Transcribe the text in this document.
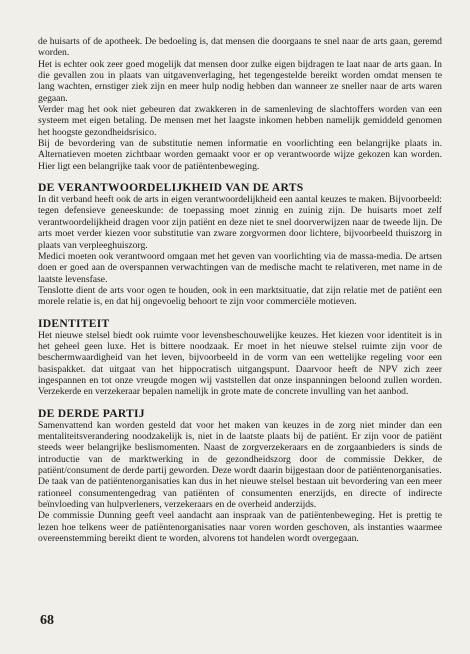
de huisarts of de apotheek. De bedoeling is, dat mensen die doorgaans te snel naar de arts gaan, geremd worden.

Het is echter ook zeer goed mogelijk dat mensen door zulke eigen bijdragen te laat naar de arts gaan. In die gevallen zou in plaats van uitgavenverlaging, het tegengestelde bereikt worden omdat mensen te lang wachten, ernstiger ziek zijn en meer hulp nodig hebben dan wanneer ze sneller naar de arts waren gegaan.

Verder mag het ook niet gebeuren dat zwakkeren in de samenleving de slachtoffers worden van een systeem met eigen betaling. De mensen met het laagste inkomen hebben namelijk gemiddeld genomen het hoogste gezondheidsrisico.

Bij de bevordering van de substitutie nemen informatie en voorlichting een belangrijke plaats in. Alternatieven moeten zichtbaar worden gemaakt voor er op verantwoorde wijze gekozen kan worden. Hier ligt een belangrijke taak voor de patiëntenbeweging.

DE VERANTWOORDELIJKHEID VAN DE ARTS

In dit verband heeft ook de arts in eigen verantwoordelijkheid een aantal keuzes te maken. Bijvoorbeeld: tegen defensieve geneeskunde: de toepassing moet zinnig en zuinig zijn. De huisarts moet zelf verantwoordelijkheid dragen voor zijn patiënt en deze niet te snel doorverwijzen naar de tweede lijn. De arts moet verder kiezen voor substitutie van zware zorgvormen door lichtere, bijvoorbeeld thuiszorg in plaats van verpleeghuiszorg.

Medici moeten ook verantwoord omgaan met het geven van voorlichting via de massa-media. De artsen doen er goed aan de overspannen verwachtingen van de medische macht te relativeren, met name in de laatste levensfase.

Tenslotte dient de arts voor ogen te houden, ook in een marktsituatie, dat zijn relatie met de patiënt een morele relatie is, en dat hij ongevoelig behoort te zijn voor commerciële motieven.

IDENTITEIT

Het nieuwe stelsel biedt ook ruimte voor levensbeschouwelijke keuzes. Het kiezen voor identiteit is in het geheel geen luxe. Het is bittere noodzaak. Er moet in het nieuwe stelsel ruimte zijn voor de beschermwaardigheid van het leven, bijvoorbeeld in de vorm van een wettelijke regeling voor een basispakket. dat uitgaat van het hippocratisch uitgangspunt. Daarvoor heeft de NPV zich zeer ingespannen en tot onze vreugde mogen wij vaststellen dat onze inspanningen beloond zullen worden. Verzekerde en verzekeraar bepalen namelijk in grote mate de concrete invulling van het aanbod.

DE DERDE PARTIJ

Samenvattend kan worden gesteld dat voor het maken van keuzes in de zorg niet minder dan een mentaliteitsverandering noodzakelijk is, niet in de laatste plaats bij de patiënt. Er zijn voor de patiënt steeds weer belangrijke beslismomenten. Naast de zorgverzekeraars en de zorgaanbieders is sinds de introductie van de marktwerking in de gezondheidszorg door de commissie Dekker, de patiënt/consument de derde partij geworden. Deze wordt daarin bijgestaan door de patiëntenorganisaties.

De taak van de patiëntenorganisaties kan dus in het nieuwe stelsel bestaan uit bevordering van een meer rationeel consumentengedrag van patiënten of consumenten enerzijds, en directe of indirecte beïnvloeding van hulpverleners, verzekeraars en de overheid anderzijds.

De commissie Dunning geeft veel aandacht aan inspraak van de patiëntenbeweging. Het is prettig te lezen hoe telkens weer de patiëntenorganisaties naar voren worden geschoven, als instanties waarmee overeenstemming bereikt dient te worden, alvorens tot handelen wordt overgegaan.

68
